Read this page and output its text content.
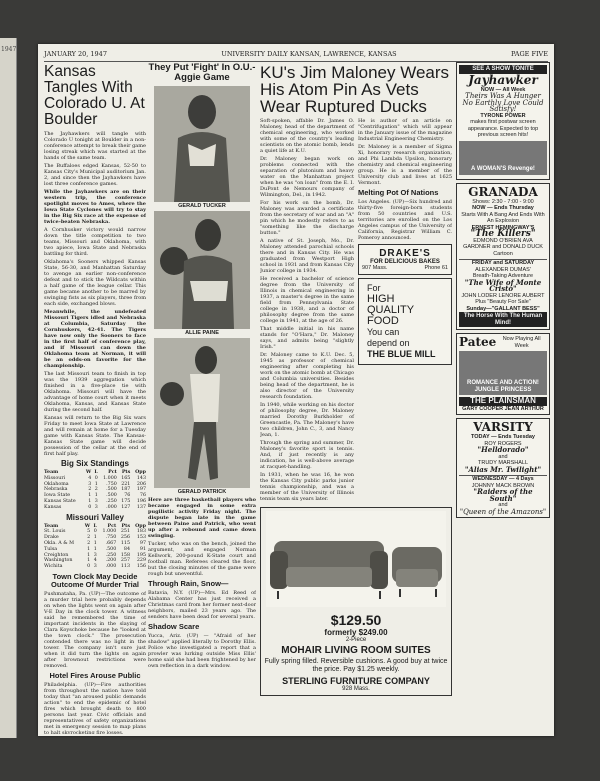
1947
JANUARY 20, 1947	UNIVERSITY DAILY KANSAN, LAWRENCE, KANSAS	PAGE FIVE
Kansas Tangles With Colorado U. At Boulder

The Jayhawkers will tangle with Colorado U tonight at Boulder in a non-conference attempt to break their game losing streak which was started at the hands of the same team.

The Buffaloes edged Kansas, 52-50 to Kansas City's Municipal auditorium Jan. 2, and since then the Jayhawkers have lost three conference games.

While the Jayhawkers are on their western trip, the conference spotlight moves to Ames, where the Iowa State Cyclones will try to stay in the Big Six race at the expense of twice-beaten Nebraska.

A Cornhusker victory would narrow down the title competition to two teams, Missouri and Oklahoma, with two apiece, Iowa State and Nebraska battling for third.

Oklahoma's Sooners whipped Kansas State, 56-30, and Manhattan Saturday to avenge an earlier non-conference defeat and to stick the Wildcats within a half game of the league cellar. This game became another to be marred by swinging fists as six players, three from each side, exchanged blows.

Meanwhile, the undefeated Missouri Tigers idled and Nebraska at Columbia, Saturday the Cornhuskers, 42-41. The Tigers have now only the Sooners to face in the first half of conference play, and if Missouri can down the Oklahoma team at Norman, it will be an odds-on favorite for the championship.

The last Missouri team to finish in top was the 1939 aggregation which finished in a five-place tie with Oklahoma. Missouri will have the advantage of home court when it meets Oklahoma, Kansas, and Kansas State during the second half.

Kansas will return to the Big Six wars Friday to meet Iowa State at Lawrence and will remain at home for a Tuesday game with Kansas State. The Kansas-Kansas State game will decide possession of the cellar at the end of first half play.

Big Six Standings
Team	W	L	Pct	Pts	Opp
Missouri	4	0	1.000	165	143
Oklahoma	3	1	.750	221	206
Nebraska	2	2	.500	187	197
Iowa State	1	1	.500	76	76
Kansas State	1	3	.250	175	196
Kansas	0	3	.000	127	137
Missouri Valley
Team	W	L	Pct	Pts	Opp
St. Louis	5	0	1.000	251	183
Drake	2	1	.750	256	153
Okla. A & M	2	1	.667	115	97
Tulsa	1	1	.500	84	91
Creighton	1	3	.250	158	195
Washington	1	4	.200	257	229
Wichita	0	3	.000	113	156
Town Clock May Decide Outcome Of Murder Trial

Pushmataha, Pa. (UP)—The outcome of a murder trial here probably depends on when the lights went on again after V-E Day in the clock tower. A witness said he remembered the time of important incidents in the slaying of Clara Koyschoke because he "looked at the town clock." The prosecution contended there was no light in the tower. The company isn't sure just when it did turn the lights on again after brownout restrictions were removed.

Hotel Fires Arouse Public

Philadelphia. (UP)—Fire authorities from throughout the nation have told today that "an aroused public demands action" to end the epidemic of hotel fires which brought death to 800 persons last year. Civic officials and representatives of safety organizations met in emergency session to map plans to halt skyrocketing fire losses.

They Put 'Fight' In O.U.-Aggie Game
GERALD TUCKER
ALLIE PAINE
GERALD PATRICK

Here are three basketball players who became engaged in some extra pugilistic activity Friday night. The dispute began late in the game between Paine and Patrick, who went up after a rebound and came down swinging.

Tucker, who was on the bench, joined the argument, and engaged Norman Kellwork, 200-pound K-State court and football man. Referees cleared the floor, but the closing minutes of the game were rough but uneventful.

Through Rain, Snow—

Batavia, N.Y. (UP)—Mrs. Ed Reed of Alabama Center has just received a Christmas card from her former next-door neighbors, mailed 23 years ago. The senders have been dead for several years.

Shadow Scare

Yucca, Ariz. (UP) — "Afraid of her shadow" applied literally to Dorothy Ellis. Police who investigated a report that a prowler was lurking outside Miss Ellis' home said she had been frightened by her own reflection in a dark window.

KU's Jim Maloney Wears His Atom Pin As Vets Wear Ruptured Ducks

Soft-spoken, affable Dr. James O. Maloney, head of the department of chemical engineering, who worked with some of the country's leading scientists on the atomic bomb, lends a quiet life at K.U.

Dr. Maloney began work on problems connected with the separation of plutonium and heavy water on the Manhattan project when he was "on loan" from the E. I. DuPont de Nemours company of Wilmington, Del., in 1942.

For his work on the bomb, Dr. Maloney was awarded a certificate from the secretary of war and an "A" pin which he modestly refers to as "something like the discharge button."

A native of St. Joseph, Mo., Dr. Maloney attended parochial schools there and in Kansas City. He was graduated from Westport High school in 1931 and from Kansas City Junior college in 1934.

He received a bachelor of science degree from the University of Illinois in chemical engineering in 1937, a master's degree in the same field from Pennsylvania State college in 1938, and a doctor of philosophy degree from the same college in 1941, at the age of 26.

That middle initial in his name stands for "O'Hara," Dr. Maloney says, and admits being "slightly Irish."

Dr. Maloney came to K.U. Dec. 5, 1945 as professor of chemical engineering after completing his work on the atomic bomb at Chicago and Columbia universities. Besides being head of the department, he is also director of the University research foundation.

In 1940, while working on his doctor of philosophy degree, Dr. Maloney married Dorothy Burkholder of Greencastle, Pa. The Maloney's have two children, John C., 3, and Nancy Jean, 1.

Through the spring and summer, Dr. Maloney's favorite sport is tennis. And, if just recently is any indication, he is well-above average at racquet-handling.

In 1931, when he was 16, he won the Kansas City public parks junior tennis championship, and was a member of the University of Illinois tennis team six years later.

He is author of an article on "Centrifugation" which will appear in the January issue of the magazine Industrial Engineering Chemistry.

Dr. Maloney is a member of Sigma Xi, honorary research organization, and Phi Lambda Upsilon, honorary chemistry and chemical engineering group. He is a member of the University club and lives at 1625 Vermont.

Melting Pot Of Nations

Los Angeles. (UP)—Six hundred and thirty-five foreign-born students from 50 countries and U.S. territories are enrolled on the Los Angeles campus of the University of California, Registrar William C. Pomeroy announced.

DRAKE'S
FOR DELICIOUS BAKES
907 Mass.	Phone 61
For
HIGH
QUALITY
FOOD
You can
depend on
THE BLUE MILL
$129.50
formerly $249.00
2-Piece
MOHAIR LIVING ROOM SUITES
Fully spring filled. Reversible cushions. A good buy at twice the price. Pay $1.25 weekly.
STERLING FURNITURE COMPANY
928 Mass.
SEE A SHOW TONITE
Jayhawker
NOW — All Week
Theirs Was A Hunger No Earthly Love Could Satisfy!
TYRONE POWER
makes first postwar screen appearance. Expected to top previous screen hits!
A WOMAN'S Revenge!
GRANADA
Shows: 2:30 - 7:00 - 9:00
NOW — Ends Thursday
Starts With A Bang And Ends With An Explosion
ERNEST HEMINGWAY'S
"The Killers"
EDMOND O'BRIEN AVA GARDNER and DONALD DUCK Cartoon
FRIDAY and SATURDAY
ALEXANDER DUMAS'
Breath-Taking Adventure
"The Wife of Monte Cristo"
JOHN LODER LENORE AUBERT
Plus "Beauty For Sale"
Sunday—"GALLANT BESS"
The Horse With The Human Mind!
Patee	Now Playing All Week
ROMANCE AND ACTION! JUNGLE PRINCESS
THE PLAINSMAN
GARY COOPER JEAN ARTHUR
VARSITY
TODAY — Ends Tuesday
ROY ROGERS
"Helldorado"
and
TRUDY MARSHALL
"Alias Mr. Twilight"
WEDNESDAY — 4 Days
JOHNNY MACK BROWN
"Raiders of the South"
and
"Queen of the Amazons"
